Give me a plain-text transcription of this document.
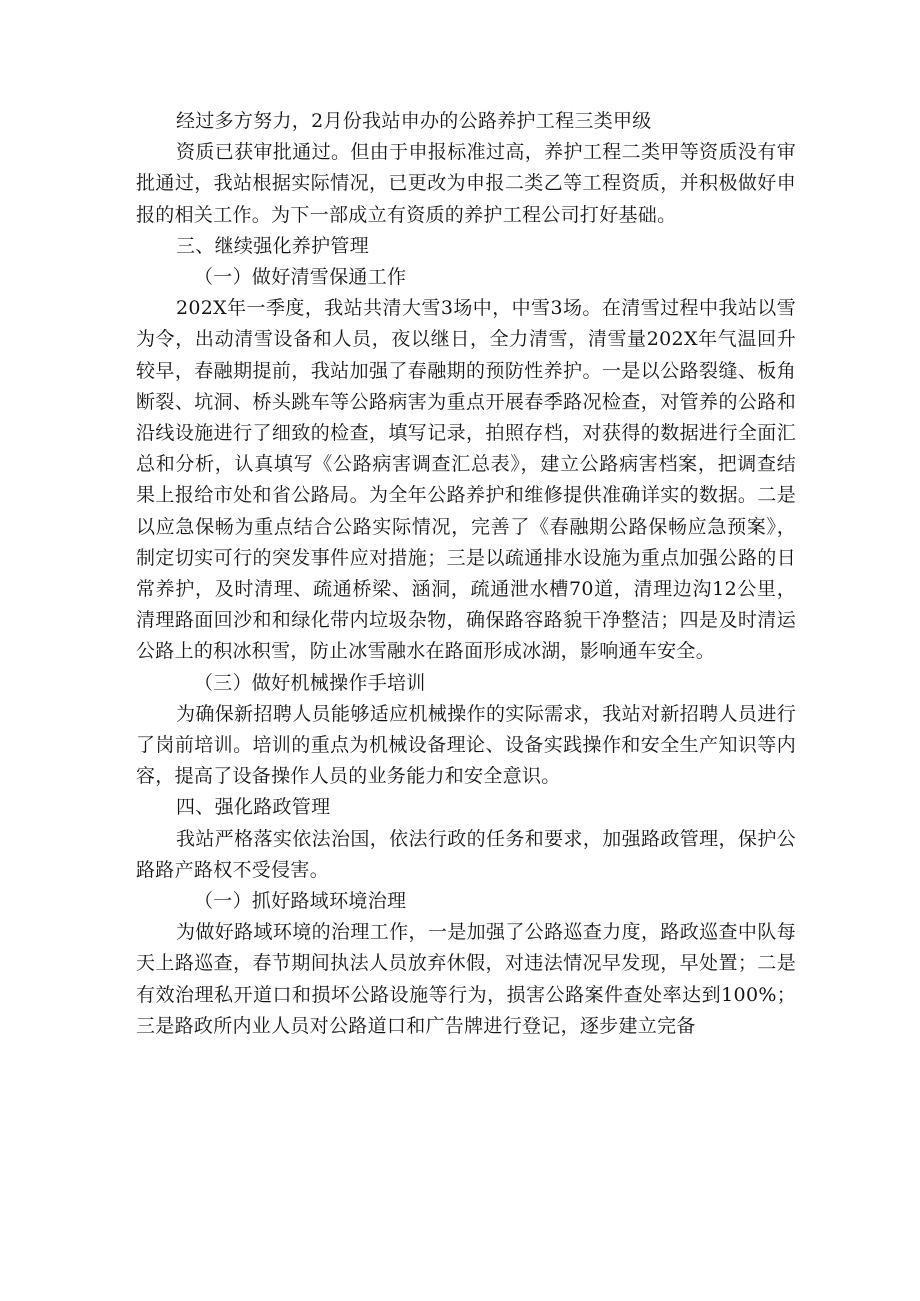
经过多方努力，2月份我站申办的公路养护工程三类甲级

资质已获审批通过。但由于申报标准过高，养护工程二类甲等资质没有审批通过，我站根据实际情况，已更改为申报二类乙等工程资质，并积极做好申报的相关工作。为下一部成立有资质的养护工程公司打好基础。

三、继续强化养护管理

（一）做好清雪保通工作

202X年一季度，我站共清大雪3场中，中雪3场。在清雪过程中我站以雪为令，出动清雪设备和人员，夜以继日，全力清雪，清雪量202X年气温回升较早，春融期提前，我站加强了春融期的预防性养护。一是以公路裂缝、板角断裂、坑洞、桥头跳车等公路病害为重点开展春季路况检查，对管养的公路和沿线设施进行了细致的检查，填写记录，拍照存档，对获得的数据进行全面汇总和分析，认真填写《公路病害调查汇总表》，建立公路病害档案，把调查结果上报给市处和省公路局。为全年公路养护和维修提供准确详实的数据。二是以应急保畅为重点结合公路实际情况，完善了《春融期公路保畅应急预案》，制定切实可行的突发事件应对措施；三是以疏通排水设施为重点加强公路的日常养护，及时清理、疏通桥梁、涵洞，疏通泄水槽70道，清理边沟12公里，清理路面回沙和和绿化带内垃圾杂物，确保路容路貌干净整洁；四是及时清运公路上的积冰积雪，防止冰雪融水在路面形成冰湖，影响通车安全。

（三）做好机械操作手培训

为确保新招聘人员能够适应机械操作的实际需求，我站对新招聘人员进行了岗前培训。培训的重点为机械设备理论、设备实践操作和安全生产知识等内容，提高了设备操作人员的业务能力和安全意识。

四、强化路政管理

我站严格落实依法治国，依法行政的任务和要求，加强路政管理，保护公路路产路权不受侵害。

（一）抓好路域环境治理

为做好路域环境的治理工作，一是加强了公路巡查力度，路政巡查中队每天上路巡查，春节期间执法人员放弃休假，对违法情况早发现，早处置；二是有效治理私开道口和损坏公路设施等行为，损害公路案件查处率达到100%；三是路政所内业人员对公路道口和广告牌进行登记，逐步建立完备
